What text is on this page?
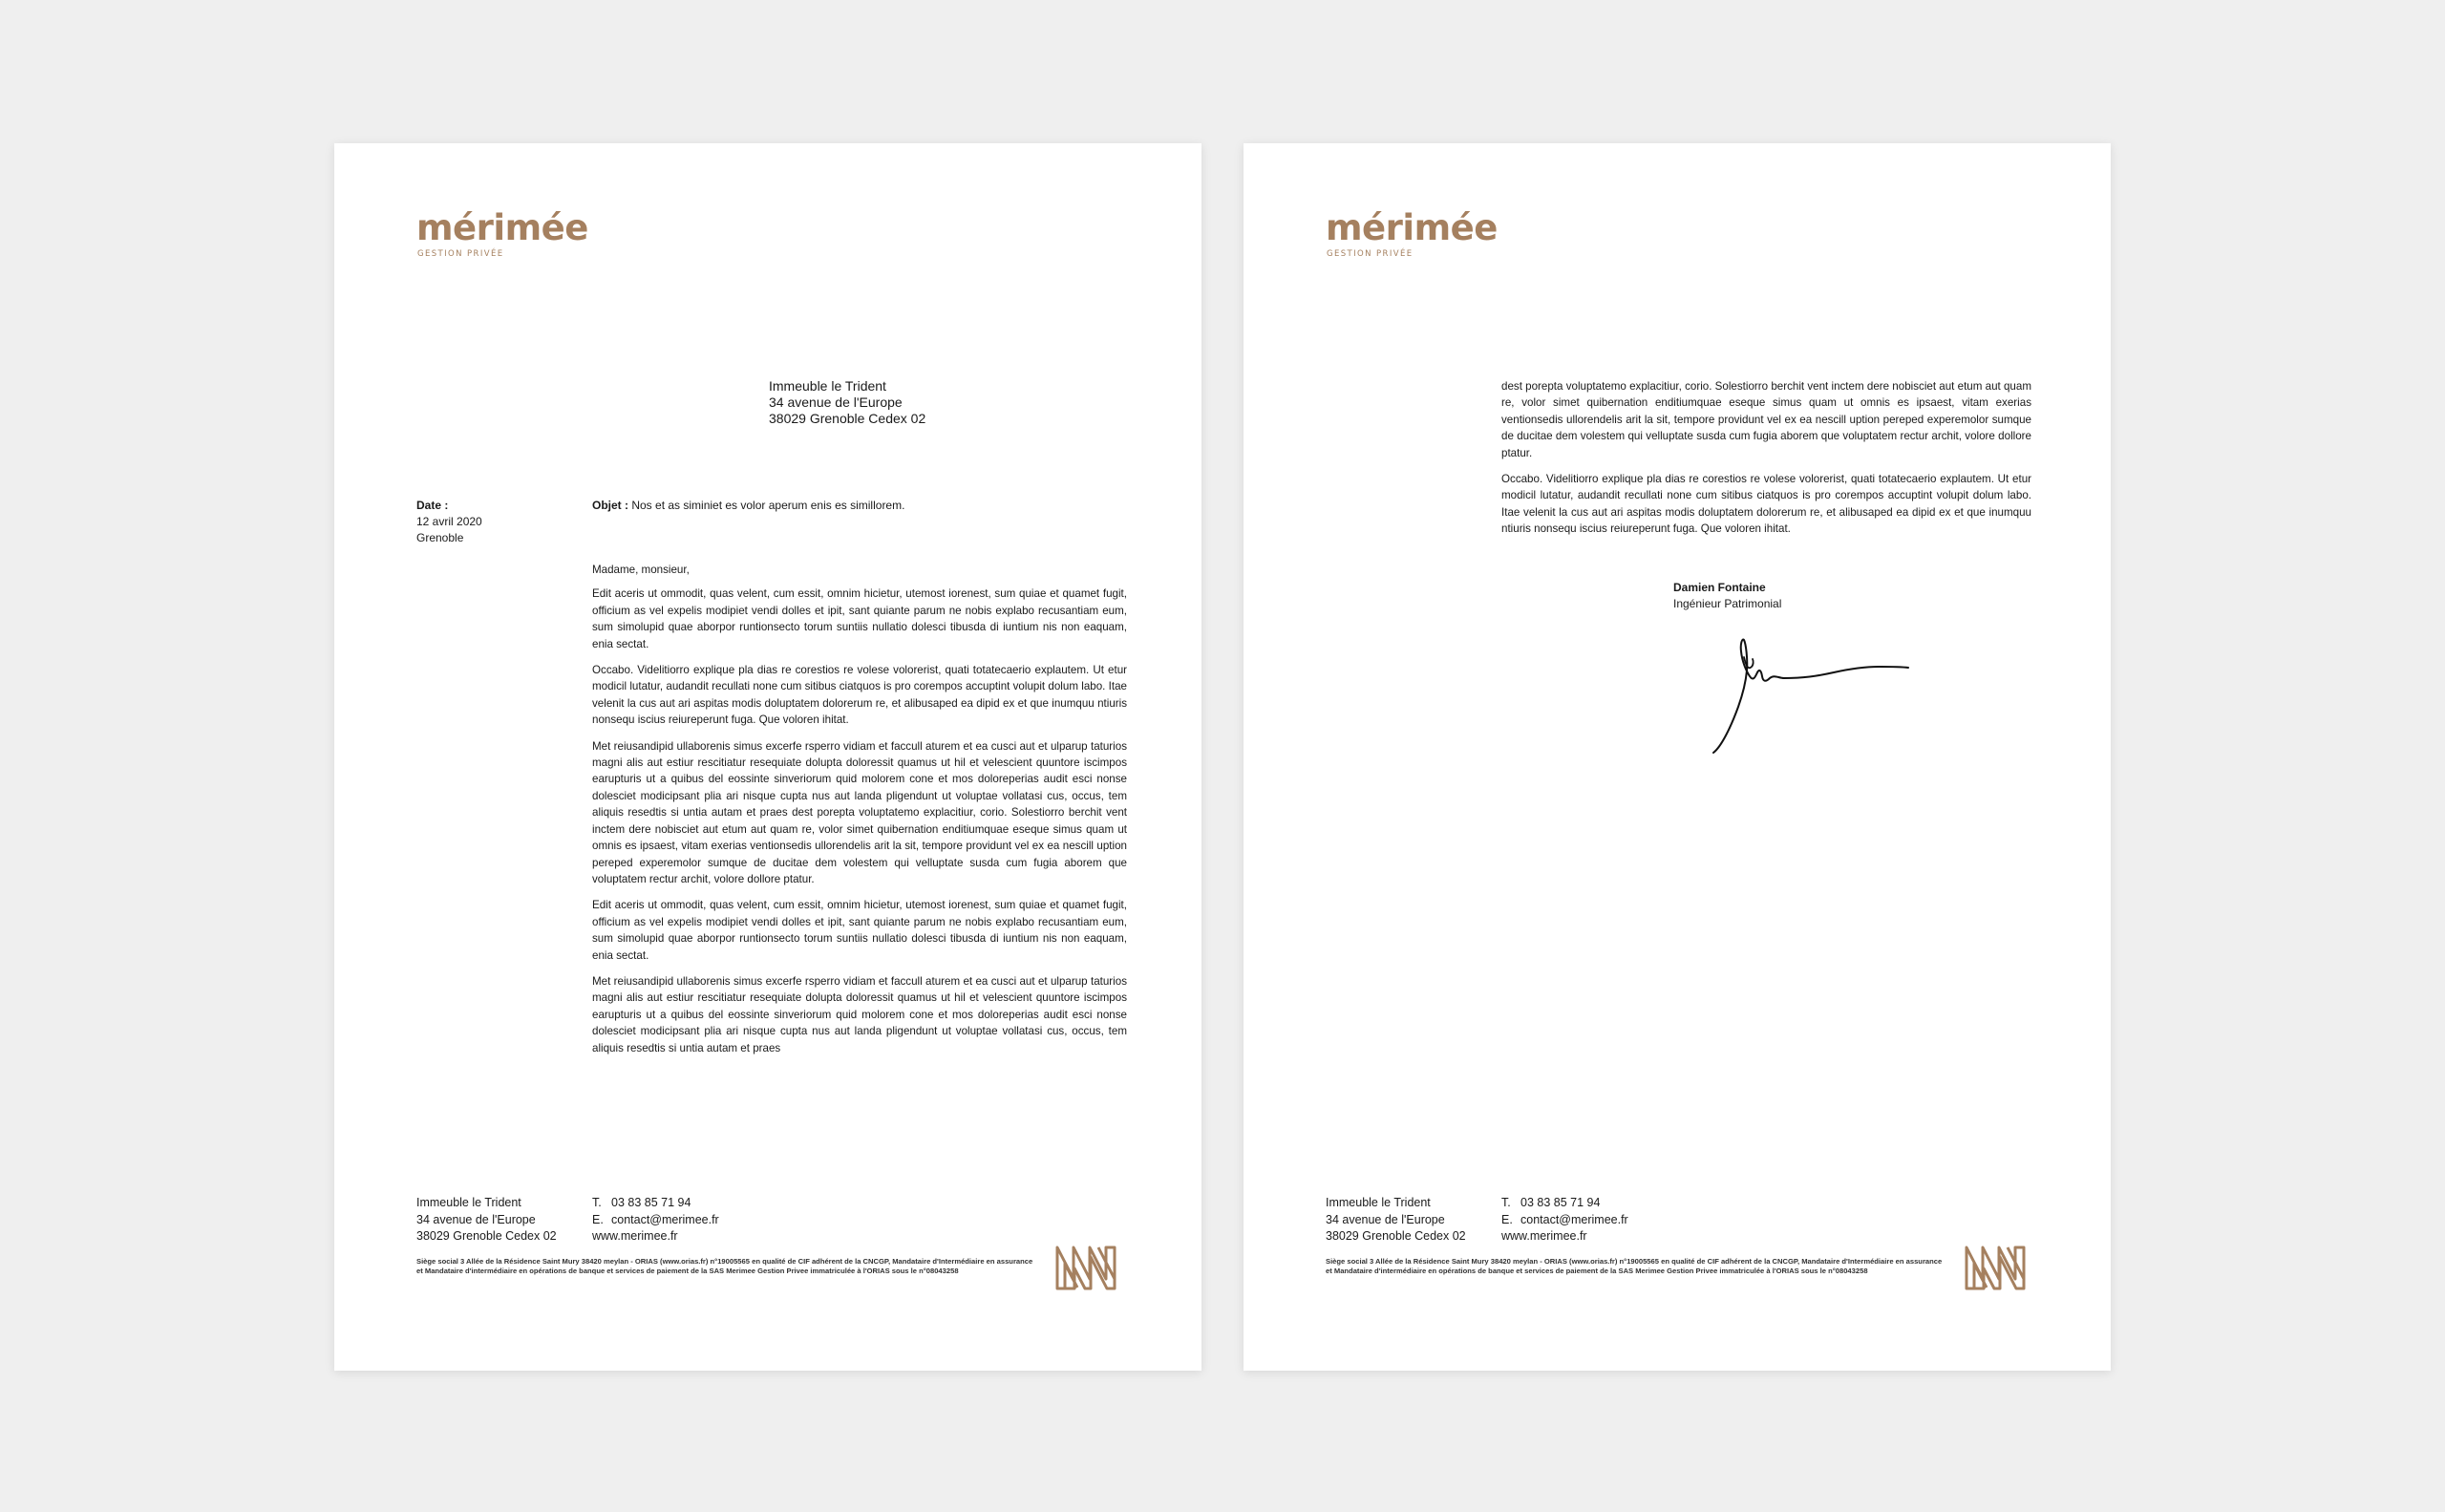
mérimée
GESTION PRIVÉE
Immeuble le Trident
34 avenue de l'Europe
38029 Grenoble Cedex 02
Date :
12 avril 2020
Grenoble
Objet : Nos et as siminiet es volor aperum enis es simillorem.

Madame, monsieur,

Edit aceris ut ommodit, quas velent, cum essit, omnim hicietur, utemost iorenest, sum quiae et quamet fugit, officium as vel expelis modipiet vendi dolles et ipit, sant quiante parum ne nobis explabo recusantiam eum, sum simolupid quae aborpor runtionsecto torum suntiis nullatio dolesci tibusda di iuntium nis non eaquam, enia sectat.

Occabo. Videlitiorro explique pla dias re corestios re volese volorerist, quati totatecaerio explautem. Ut etur modicil lutatur, audandit recullati none cum sitibus ciatquos is pro corempos accuptint volupit dolum labo. Itae velenit la cus aut ari aspitas modis doluptatem dolorerum re, et alibusaped ea dipid ex et que inumquu ntiuris nonsequ iscius reiureperunt fuga. Que voloren ihitat.

Met reiusandipid ullaborenis simus excerfe rsperro vidiam et faccull aturem et ea cusci aut et ulparup taturios magni alis aut estiur rescitiatur resequiate dolupta doloressit quamus ut hil et velescient quuntore iscimpos earupturis ut a quibus del eossinte sinveriorum quid molorem cone et mos doloreperias audit esci nonse dolesciet modicipsant plia ari nisque cupta nus aut landa pligendunt ut voluptae vollatasi cus, occus, tem aliquis resedtis si untia autam et praes dest porepta voluptatemo explacitiur, corio. Solestiorro berchit vent inctem dere nobisciet aut etum aut quam re, volor simet quibernation enditiumquae eseque simus quam ut omnis es ipsaest, vitam exerias ventionsedis ullorendelis arit la sit, tempore providunt vel ex ea nescill uption pereped experemolor sumque de ducitae dem volestem qui velluptate susda cum fugia aborem que voluptatem rectur archit, volore dollore ptatur.

Edit aceris ut ommodit, quas velent, cum essit, omnim hicietur, utemost iorenest, sum quiae et quamet fugit, officium as vel expelis modipiet vendi dolles et ipit, sant quiante parum ne nobis explabo recusantiam eum, sum simolupid quae aborpor runtionsecto torum suntiis nullatio dolesci tibusda di iuntium nis non eaquam, enia sectat.

Met reiusandipid ullaborenis simus excerfe rsperro vidiam et faccull aturem et ea cusci aut et ulparup taturios magni alis aut estiur rescitiatur resequiate dolupta doloressit quamus ut hil et velescient quuntore iscimpos earupturis ut a quibus del eossinte sinveriorum quid molorem cone et mos doloreperias audit esci nonse dolesciet modicipsant plia ari nisque cupta nus aut landa pligendunt ut voluptae vollatasi cus, occus, tem aliquis resedtis si untia autam et praes

Immeuble le Trident
34 avenue de l'Europe
38029 Grenoble Cedex 02
T. 03 83 85 71 94
E. contact@merimee.fr
www.merimee.fr
Siège social 3 Allée de la Résidence Saint Mury 38420 meylan - ORIAS (www.orias.fr) n°19005565 en qualité de CIF adhérent de la CNCGP, Mandataire d'Intermédiaire en assurance et Mandataire d'intermédiaire en opérations de banque et services de paiement de la SAS Merimee Gestion Privee immatriculée à l'ORIAS sous le n°08043258
mérimée
GESTION PRIVÉE

dest porepta voluptatemo explacitiur, corio. Solestiorro berchit vent inctem dere nobisciet aut etum aut quam re, volor simet quibernation enditiumquae eseque simus quam ut omnis es ipsaest, vitam exerias ventionsedis ullorendelis arit la sit, tempore providunt vel ex ea nescill uption pereped experemolor sumque de ducitae dem volestem qui velluptate susda cum fugia aborem que voluptatem rectur archit, volore dollore ptatur.

Occabo. Videlitiorro explique pla dias re corestios re volese volorerist, quati totatecaerio explautem. Ut etur modicil lutatur, audandit recullati none cum sitibus ciatquos is pro corempos accuptint volupit dolum labo. Itae velenit la cus aut ari aspitas modis doluptatem dolorerum re, et alibusaped ea dipid ex et que inumquu ntiuris nonsequ iscius reiureperunt fuga. Que voloren ihitat.

Damien Fontaine
Ingénieur Patrimonial
Immeuble le Trident
34 avenue de l'Europe
38029 Grenoble Cedex 02
T. 03 83 85 71 94
E. contact@merimee.fr
www.merimee.fr
Siège social 3 Allée de la Résidence Saint Mury 38420 meylan - ORIAS (www.orias.fr) n°19005565 en qualité de CIF adhérent de la CNCGP, Mandataire d'Intermédiaire en assurance et Mandataire d'intermédiaire en opérations de banque et services de paiement de la SAS Merimee Gestion Privee immatriculée à l'ORIAS sous le n°08043258
